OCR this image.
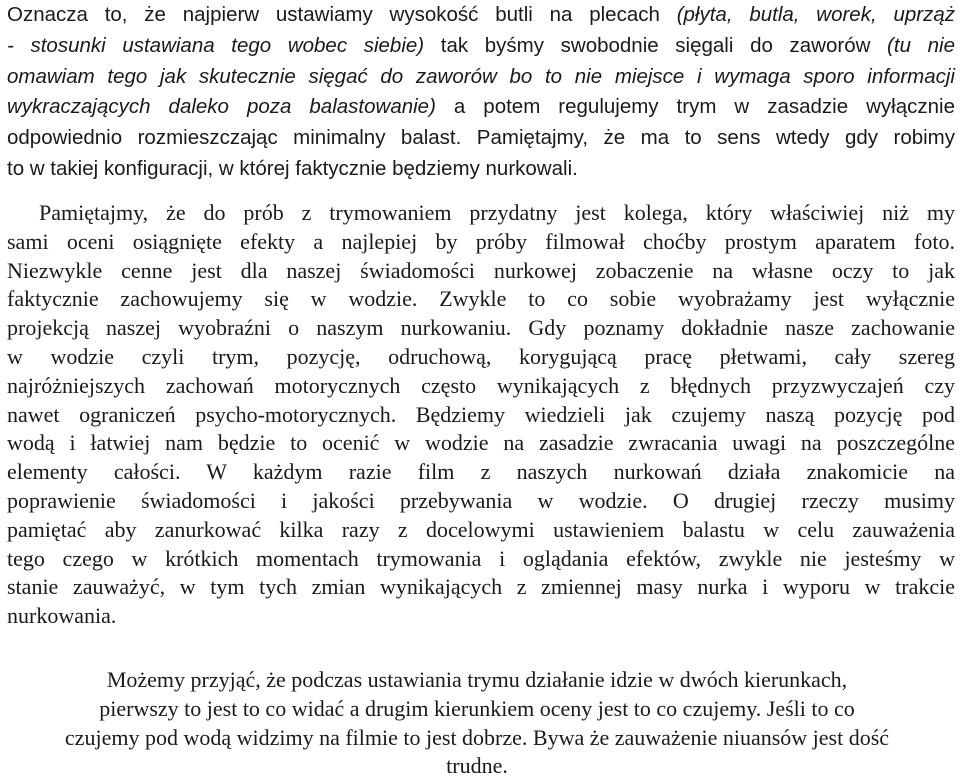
Oznacza to, że najpierw ustawiamy wysokość butli na plecach (płyta, butla, worek, uprząż
- stosunki ustawiana tego wobec siebie) tak byśmy swobodnie sięgali do zaworów (tu nie
omawiam tego jak skutecznie sięgać do zaworów bo to nie miejsce i wymaga sporo informacji
wykraczających daleko poza balastowanie) a potem regulujemy trym w zasadzie wyłącznie
odpowiednio rozmieszczając minimalny balast. Pamiętajmy, że ma to sens wtedy gdy robimy
to w takiej konfiguracji, w której faktycznie będziemy nurkowali.

Pamiętajmy, że do prób z trymowaniem przydatny jest kolega, który właściwiej niż my
sami oceni osiągnięte efekty a najlepiej by próby filmował choćby prostym aparatem foto.
Niezwykle cenne jest dla naszej świadomości nurkowej zobaczenie na własne oczy to jak
faktycznie zachowujemy się w wodzie. Zwykle to co sobie wyobrażamy jest wyłącznie
projekcją naszej wyobraźni o naszym nurkowaniu. Gdy poznamy dokładnie nasze zachowanie
w wodzie czyli trym, pozycję, odruchową, korygującą pracę płetwami, cały szereg
najróżniejszych zachowań motorycznych często wynikających z błędnych przyzwyczajeń czy
nawet ograniczeń psycho-motorycznych. Będziemy wiedzieli jak czujemy naszą pozycję pod
wodą i łatwiej nam będzie to ocenić w wodzie na zasadzie zwracania uwagi na poszczególne
elementy całości. W każdym razie film z naszych nurkowań działa znakomicie na
poprawienie świadomości i jakości przebywania w wodzie. O drugiej rzeczy musimy
pamiętać aby zanurkować kilka razy z docelowymi ustawieniem balastu w celu zauważenia
tego czego w krótkich momentach trymowania i oglądania efektów, zwykle nie jesteśmy w
stanie zauważyć, w tym tych zmian wynikających z zmiennej masy nurka i wyporu w trakcie
nurkowania.

Możemy przyjąć, że podczas ustawiania trymu działanie idzie w dwóch kierunkach,
pierwszy to jest to co widać a drugim kierunkiem oceny jest to co czujemy. Jeśli to co
czujemy pod wodą widzimy na filmie to jest dobrze. Bywa że zauważenie niuansów jest dość
trudne.
